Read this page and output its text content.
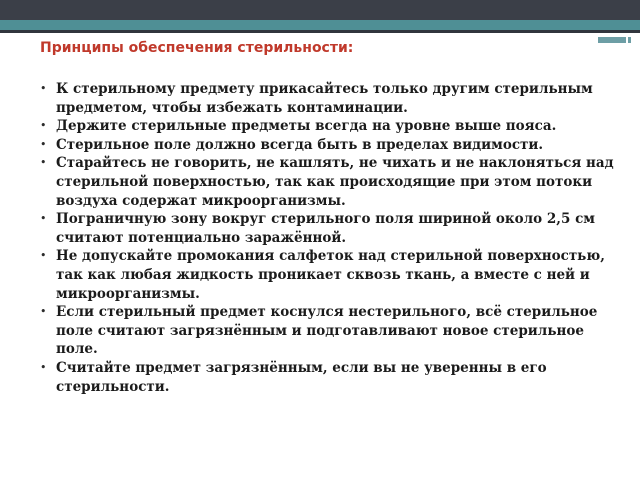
Принципы обеспечения стерильности:
• К стерильному предмету прикасайтесь только другим стерильным предметом, чтобы избежать контаминации.
• Держите стерильные предметы всегда на уровне выше пояса.
• Стерильное поле должно всегда быть в пределах видимости.
• Старайтесь не говорить, не кашлять, не чихать и не наклоняться над стерильной поверхностью, так как происходящие при этом потоки воздуха содержат микроорганизмы.
• Пограничную зону вокруг стерильного поля шириной около 2,5 см считают потенциально заражённой.
• Не допускайте промокания салфеток над стерильной поверхностью, так как любая жидкость проникает сквозь ткань, а вместе с ней и микроорганизмы.
• Если стерильный предмет коснулся нестерильного, всё стерильное поле считают загрязнённым и подготавливают новое стерильное поле.
• Считайте предмет загрязнённым, если вы не уверенны в его стерильности.
